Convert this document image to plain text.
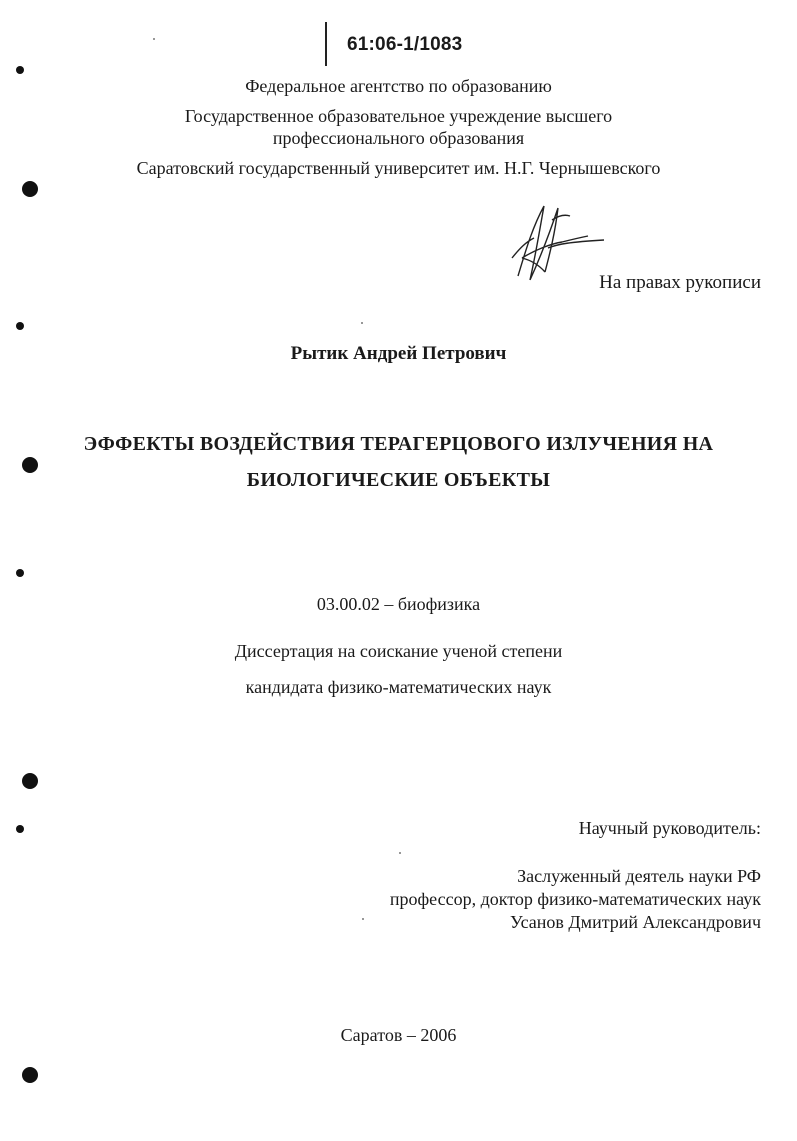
61:06-1/1083
Федеральное агентство по образованию
Государственное образовательное учреждение высшего
профессионального образования
Саратовский государственный университет им. Н.Г. Чернышевского
На правах рукописи
Рытик Андрей Петрович
ЭФФЕКТЫ ВОЗДЕЙСТВИЯ ТЕРАГЕРЦОВОГО ИЗЛУЧЕНИЯ НА
БИОЛОГИЧЕСКИЕ ОБЪЕКТЫ
03.00.02 – биофизика
Диссертация на соискание ученой степени
кандидата физико-математических наук
Научный руководитель:
Заслуженный деятель науки РФ
профессор, доктор физико-математических наук
Усанов Дмитрий Александрович
Саратов – 2006
